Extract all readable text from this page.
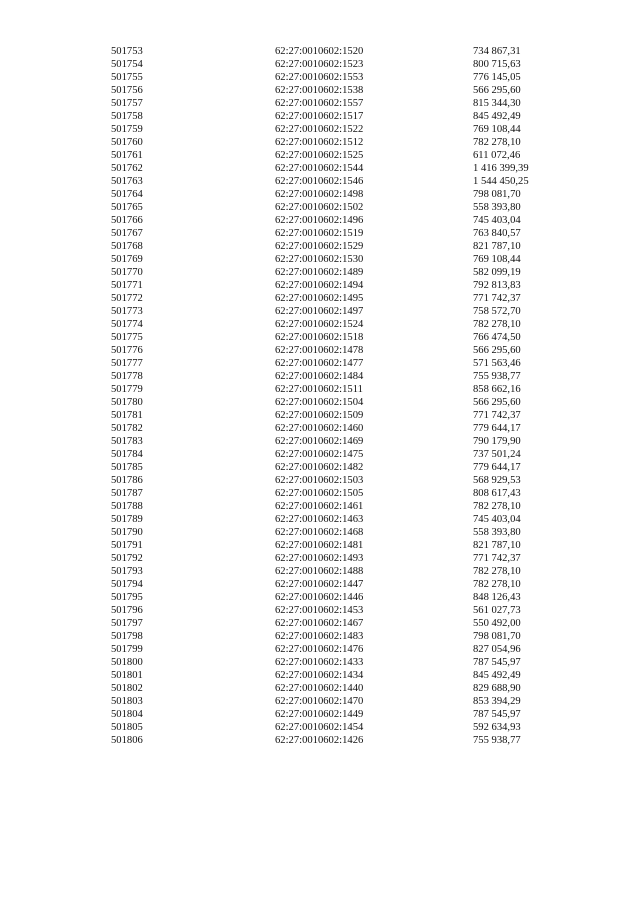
501753	62:27:0010602:1520	734 867,31
501754	62:27:0010602:1523	800 715,63
501755	62:27:0010602:1553	776 145,05
501756	62:27:0010602:1538	566 295,60
501757	62:27:0010602:1557	815 344,30
501758	62:27:0010602:1517	845 492,49
501759	62:27:0010602:1522	769 108,44
501760	62:27:0010602:1512	782 278,10
501761	62:27:0010602:1525	611 072,46
501762	62:27:0010602:1544	1 416 399,39
501763	62:27:0010602:1546	1 544 450,25
501764	62:27:0010602:1498	798 081,70
501765	62:27:0010602:1502	558 393,80
501766	62:27:0010602:1496	745 403,04
501767	62:27:0010602:1519	763 840,57
501768	62:27:0010602:1529	821 787,10
501769	62:27:0010602:1530	769 108,44
501770	62:27:0010602:1489	582 099,19
501771	62:27:0010602:1494	792 813,83
501772	62:27:0010602:1495	771 742,37
501773	62:27:0010602:1497	758 572,70
501774	62:27:0010602:1524	782 278,10
501775	62:27:0010602:1518	766 474,50
501776	62:27:0010602:1478	566 295,60
501777	62:27:0010602:1477	571 563,46
501778	62:27:0010602:1484	755 938,77
501779	62:27:0010602:1511	858 662,16
501780	62:27:0010602:1504	566 295,60
501781	62:27:0010602:1509	771 742,37
501782	62:27:0010602:1460	779 644,17
501783	62:27:0010602:1469	790 179,90
501784	62:27:0010602:1475	737 501,24
501785	62:27:0010602:1482	779 644,17
501786	62:27:0010602:1503	568 929,53
501787	62:27:0010602:1505	808 617,43
501788	62:27:0010602:1461	782 278,10
501789	62:27:0010602:1463	745 403,04
501790	62:27:0010602:1468	558 393,80
501791	62:27:0010602:1481	821 787,10
501792	62:27:0010602:1493	771 742,37
501793	62:27:0010602:1488	782 278,10
501794	62:27:0010602:1447	782 278,10
501795	62:27:0010602:1446	848 126,43
501796	62:27:0010602:1453	561 027,73
501797	62:27:0010602:1467	550 492,00
501798	62:27:0010602:1483	798 081,70
501799	62:27:0010602:1476	827 054,96
501800	62:27:0010602:1433	787 545,97
501801	62:27:0010602:1434	845 492,49
501802	62:27:0010602:1440	829 688,90
501803	62:27:0010602:1470	853 394,29
501804	62:27:0010602:1449	787 545,97
501805	62:27:0010602:1454	592 634,93
501806	62:27:0010602:1426	755 938,77
